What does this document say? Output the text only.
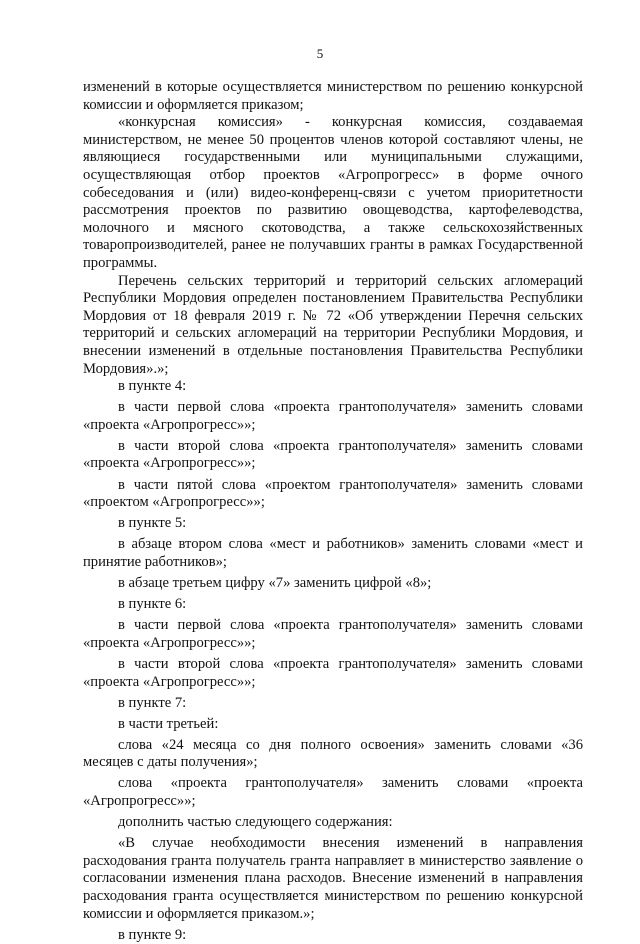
5

изменений в которые осуществляется министерством по решению конкурсной комиссии и оформляется приказом;

«конкурсная комиссия» - конкурсная комиссия, создаваемая министерством, не менее 50 процентов членов которой составляют члены, не являющиеся государственными или муниципальными служащими, осуществляющая отбор проектов «Агропрогресс» в форме очного собеседования и (или) видео-конференц-связи с учетом приоритетности рассмотрения проектов по развитию овощеводства, картофелеводства, молочного и мясного скотоводства, а также сельскохозяйственных товаропроизводителей, ранее не получавших гранты в рамках Государственной программы.

Перечень сельских территорий и территорий сельских агломераций Республики Мордовия определен постановлением Правительства Республики Мордовия от 18 февраля 2019 г. № 72 «Об утверждении Перечня сельских территорий и сельских агломераций на территории Республики Мордовия, и внесении изменений в отдельные постановления Правительства Республики Мордовия».»;

в пункте 4:

в части первой слова «проекта грантополучателя» заменить словами «проекта «Агропрогресс»»;

в части второй слова «проекта грантополучателя» заменить словами «проекта «Агропрогресс»»;

в части пятой слова «проектом грантополучателя» заменить словами «проектом «Агропрогресс»»;

в пункте 5:

в абзаце втором слова «мест и работников» заменить словами «мест и принятие работников»;

в абзаце третьем цифру «7» заменить цифрой «8»;

в пункте 6:

в части первой слова «проекта грантополучателя» заменить словами «проекта «Агропрогресс»»;

в части второй слова «проекта грантополучателя» заменить словами «проекта «Агропрогресс»»;

в пункте 7:

в части третьей:

слова «24 месяца со дня полного освоения» заменить словами «36 месяцев с даты получения»;

слова «проекта грантополучателя» заменить словами «проекта «Агропрогресс»»;

дополнить частью следующего содержания:

«В случае необходимости внесения изменений в направления расходования гранта получатель гранта направляет в министерство заявление о согласовании изменения плана расходов. Внесение изменений в направления расходования гранта осуществляется министерством по решению конкурсной комиссии и оформляется приказом.»;

в пункте 9:
